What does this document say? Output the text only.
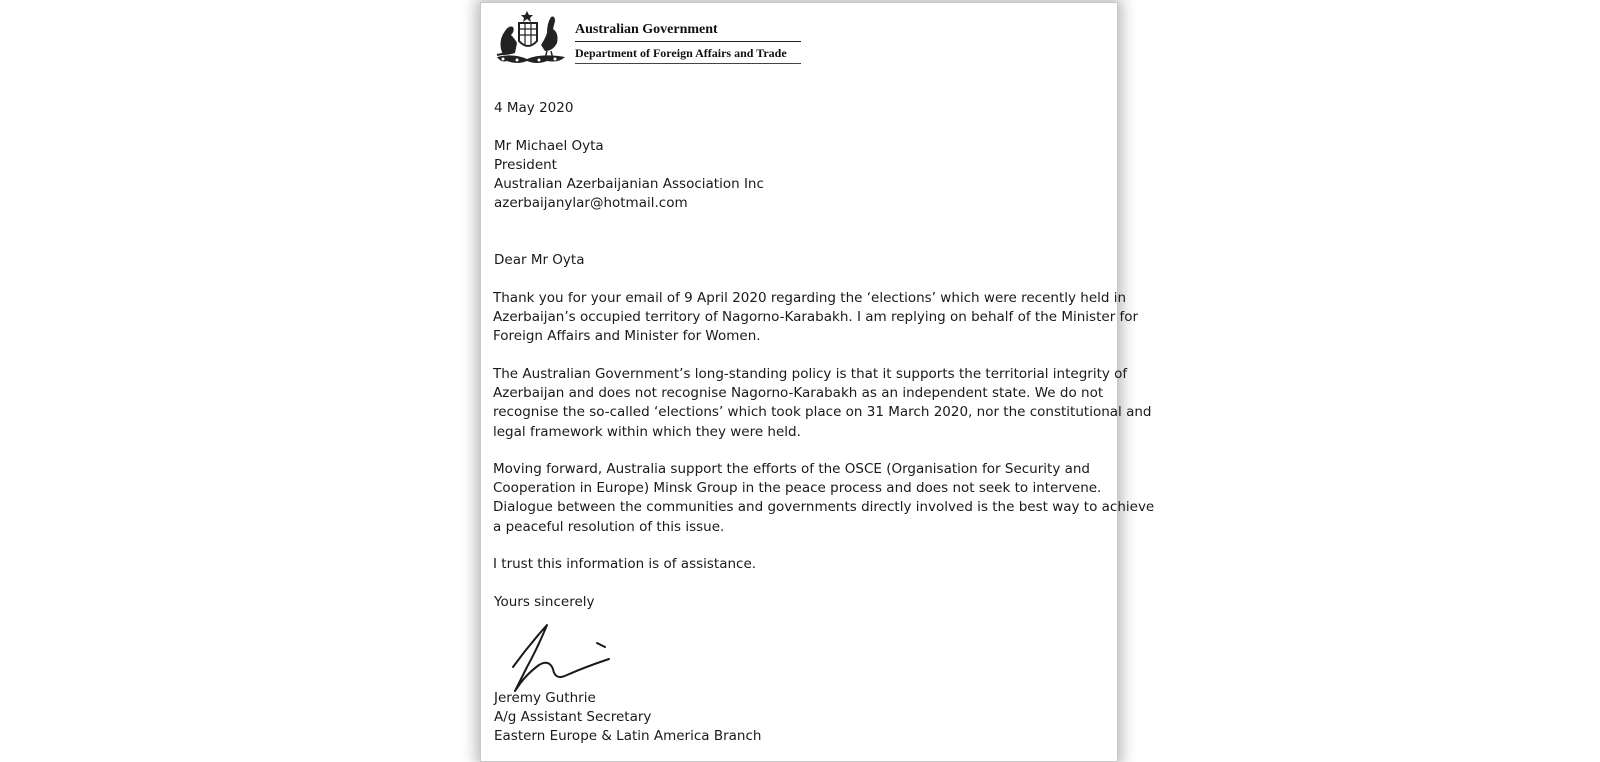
Australian Government
Department of Foreign Affairs and Trade
4 May 2020
Mr Michael Oyta
President
Australian Azerbaijanian Association Inc
azerbaijanylar@hotmail.com
Dear Mr Oyta
Thank you for your email of 9 April 2020 regarding the ‘elections’ which were recently held in
Azerbaijan’s occupied territory of Nagorno-Karabakh. I am replying on behalf of the Minister for
Foreign Affairs and Minister for Women.
The Australian Government’s long-standing policy is that it supports the territorial integrity of
Azerbaijan and does not recognise Nagorno-Karabakh as an independent state. We do not
recognise the so-called ‘elections’ which took place on 31 March 2020, nor the constitutional and
legal framework within which they were held.
Moving forward, Australia support the efforts of the OSCE (Organisation for Security and
Cooperation in Europe) Minsk Group in the peace process and does not seek to intervene.
Dialogue between the communities and governments directly involved is the best way to achieve
a peaceful resolution of this issue.
I trust this information is of assistance.
Yours sincerely
Jeremy Guthrie
A/g Assistant Secretary
Eastern Europe & Latin America Branch
